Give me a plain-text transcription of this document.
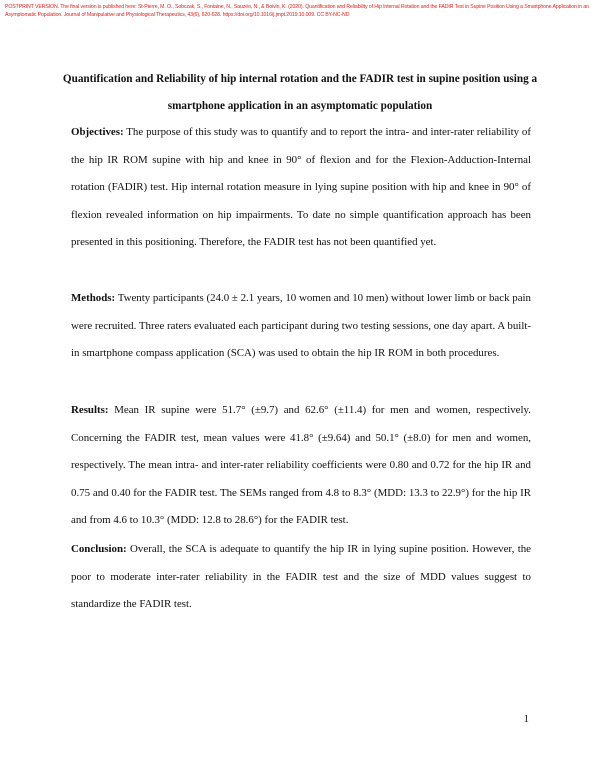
POSTPRINT VERSION. The final version is published here: St-Pierre, M. O., Sobczak, S., Fontaine, N., Sauzéo, N., & Boivin, K. (2020). Quantification and Reliability of Hip Internal Rotation and the FADIR Test in Supine Position Using a Smartphone Application in an Asymptomatic Population. Journal of Manipulative and Physiological Therapeutics, 43(6), 620-628. https://doi.org/10.1016/j.jmpt.2019.10.009. CC BY-NC-ND
Quantification and Reliability of hip internal rotation and the FADIR test in supine position using a smartphone application in an asymptomatic population
Objectives: The purpose of this study was to quantify and to report the intra- and inter-rater reliability of the hip IR ROM supine with hip and knee in 90° of flexion and for the Flexion-Adduction-Internal rotation (FADIR) test. Hip internal rotation measure in lying supine position with hip and knee in 90° of flexion revealed information on hip impairments. To date no simple quantification approach has been presented in this positioning. Therefore, the FADIR test has not been quantified yet.
Methods: Twenty participants (24.0 ± 2.1 years, 10 women and 10 men) without lower limb or back pain were recruited. Three raters evaluated each participant during two testing sessions, one day apart. A built-in smartphone compass application (SCA) was used to obtain the hip IR ROM in both procedures.
Results: Mean IR supine were 51.7° (±9.7) and 62.6° (±11.4) for men and women, respectively. Concerning the FADIR test, mean values were 41.8° (±9.64) and 50.1° (±8.0) for men and women, respectively. The mean intra- and inter-rater reliability coefficients were 0.80 and 0.72 for the hip IR and 0.75 and 0.40 for the FADIR test. The SEMs ranged from 4.8 to 8.3° (MDD: 13.3 to 22.9°) for the hip IR and from 4.6 to 10.3° (MDD: 12.8 to 28.6°) for the FADIR test.
Conclusion: Overall, the SCA is adequate to quantify the hip IR in lying supine position. However, the poor to moderate inter-rater reliability in the FADIR test and the size of MDD values suggest to standardize the FADIR test.
1
